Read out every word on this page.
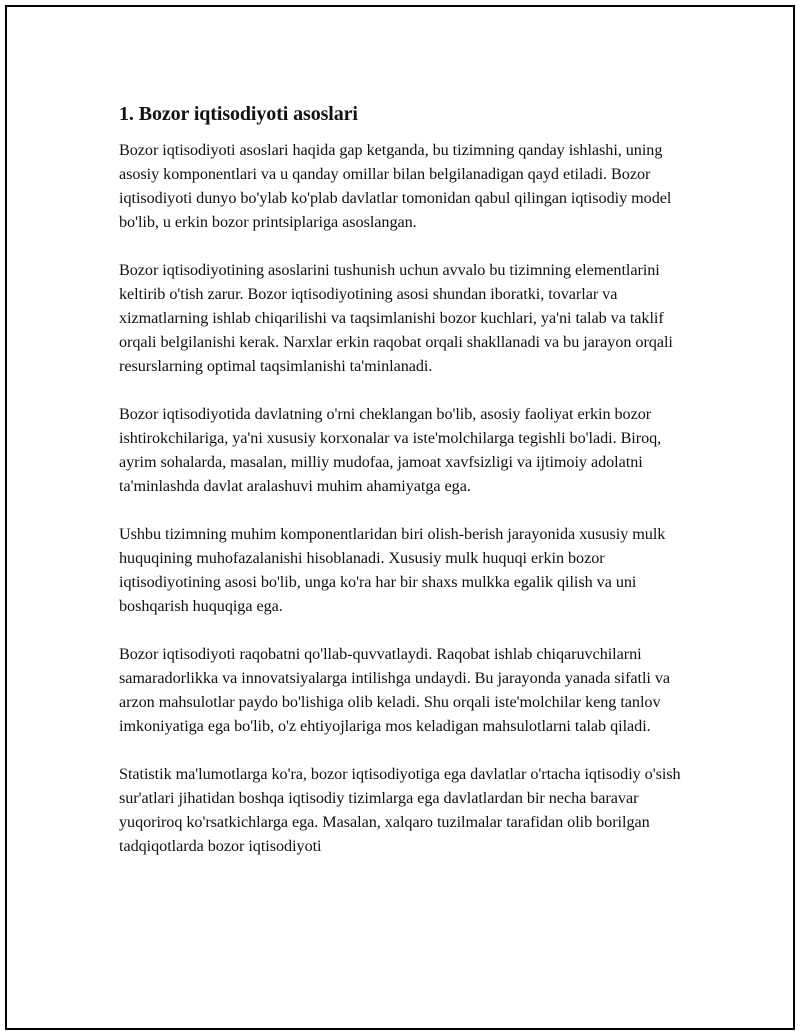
1. Bozor iqtisodiyoti asoslari

Bozor iqtisodiyoti asoslari haqida gap ketganda, bu tizimning qanday ishlashi, uning asosiy komponentlari va u qanday omillar bilan belgilanadigan qayd etiladi. Bozor iqtisodiyoti dunyo bo'ylab ko'plab davlatlar tomonidan qabul qilingan iqtisodiy model bo'lib, u erkin bozor printsiplariga asoslangan.

Bozor iqtisodiyotining asoslarini tushunish uchun avvalo bu tizimning elementlarini keltirib o'tish zarur. Bozor iqtisodiyotining asosi shundan iboratki, tovarlar va xizmatlarning ishlab chiqarilishi va taqsimlanishi bozor kuchlari, ya'ni talab va taklif orqali belgilanishi kerak. Narxlar erkin raqobat orqali shakllanadi va bu jarayon orqali resurslarning optimal taqsimlanishi ta'minlanadi.

Bozor iqtisodiyotida davlatning o'rni cheklangan bo'lib, asosiy faoliyat erkin bozor ishtirokchilariga, ya'ni xususiy korxonalar va iste'molchilarga tegishli bo'ladi. Biroq, ayrim sohalarda, masalan, milliy mudofaa, jamoat xavfsizligi va ijtimoiy adolatni ta'minlashda davlat aralashuvi muhim ahamiyatga ega.

Ushbu tizimning muhim komponentlaridan biri olish-berish jarayonida xususiy mulk huquqining muhofazalanishi hisoblanadi. Xususiy mulk huquqi erkin bozor iqtisodiyotining asosi bo'lib, unga ko'ra har bir shaxs mulkka egalik qilish va uni boshqarish huquqiga ega.

Bozor iqtisodiyoti raqobatni qo'llab-quvvatlaydi. Raqobat ishlab chiqaruvchilarni samaradorlikka va innovatsiyalarga intilishga undaydi. Bu jarayonda yanada sifatli va arzon mahsulotlar paydo bo'lishiga olib keladi. Shu orqali iste'molchilar keng tanlov imkoniyatiga ega bo'lib, o'z ehtiyojlariga mos keladigan mahsulotlarni talab qiladi.

Statistik ma'lumotlarga ko'ra, bozor iqtisodiyotiga ega davlatlar o'rtacha iqtisodiy o'sish sur'atlari jihatidan boshqa iqtisodiy tizimlarga ega davlatlardan bir necha baravar yuqoriroq ko'rsatkichlarga ega. Masalan, xalqaro tuzilmalar tarafidan olib borilgan tadqiqotlarda bozor iqtisodiyoti
